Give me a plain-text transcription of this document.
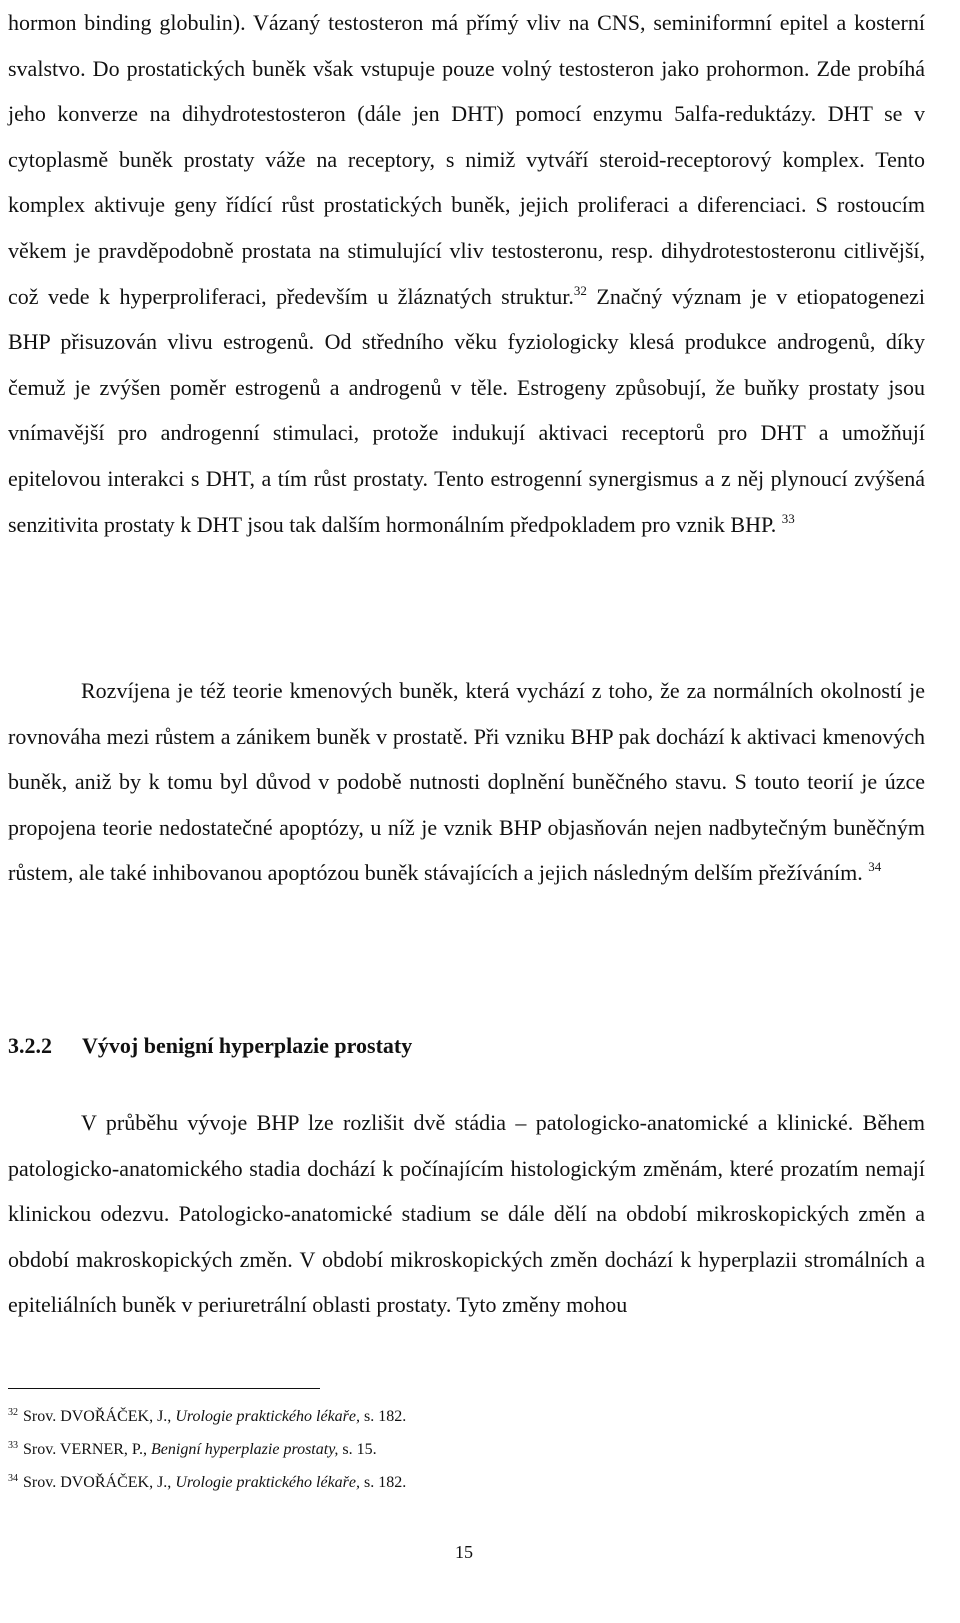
hormon binding globulin). Vázaný testosteron má přímý vliv na CNS, seminiformní epitel a kosterní svalstvo. Do prostatických buněk však vstupuje pouze volný testosteron jako prohormon. Zde probíhá jeho konverze na dihydrotestosteron (dále jen DHT) pomocí enzymu 5alfa-reduktázy. DHT se v cytoplasmě buněk prostaty váže na receptory, s nimiž vytváří steroid-receptorový komplex. Tento komplex aktivuje geny řídící růst prostatických buněk, jejich proliferaci a diferenciaci. S rostoucím věkem je pravděpodobně prostata na stimulující vliv testosteronu, resp. dihydrotestosteronu citlivější, což vede k hyperproliferaci, především u žláznatých struktur.$^{32}$ Značný význam je v etiopatogenezi BHP přisuzován vlivu estrogenů. Od středního věku fyziologicky klesá produkce androgenů, díky čemuž je zvýšen poměr estrogenů a androgenů v těle. Estrogeny způsobují, že buňky prostaty jsou vnímavější pro androgenní stimulaci, protože indukují aktivaci receptorů pro DHT a umožňují epitelovou interakci s DHT, a tím růst prostaty. Tento estrogenní synergismus a z něj plynoucí zvýšená senzitivita prostaty k DHT jsou tak dalším hormonálním předpokladem pro vznik BHP. $^{33}$

Rozvíjena je též teorie kmenových buněk, která vychází z toho, že za normálních okolností je rovnováha mezi růstem a zánikem buněk v prostatě. Při vzniku BHP pak dochází k aktivaci kmenových buněk, aniž by k tomu byl důvod v podobě nutnosti doplnění buněčného stavu. S touto teorií je úzce propojena teorie nedostatečné apoptózy, u níž je vznik BHP objasňován nejen nadbytečným buněčným růstem, ale také inhibovanou apoptózou buněk stávajících a jejich následným delším přežíváním. $^{34}$

3.2.2 Vývoj benigní hyperplazie prostaty

V průběhu vývoje BHP lze rozlišit dvě stádia – patologicko-anatomické a klinické. Během patologicko-anatomického stadia dochází k počínajícím histologickým změnám, které prozatím nemají klinickou odezvu. Patologicko-anatomické stadium se dále dělí na období mikroskopických změn a období makroskopických změn. V období mikroskopických změn dochází k hyperplazii stromálních a epiteliálních buněk v periuretrální oblasti prostaty. Tyto změny mohou

$^{32}$ Srov. DVOŘÁČEK, J., Urologie praktického lékaře, s. 182.
$^{33}$ Srov. VERNER, P., Benigní hyperplazie prostaty, s. 15.
$^{34}$ Srov. DVOŘÁČEK, J., Urologie praktického lékaře, s. 182.
15
